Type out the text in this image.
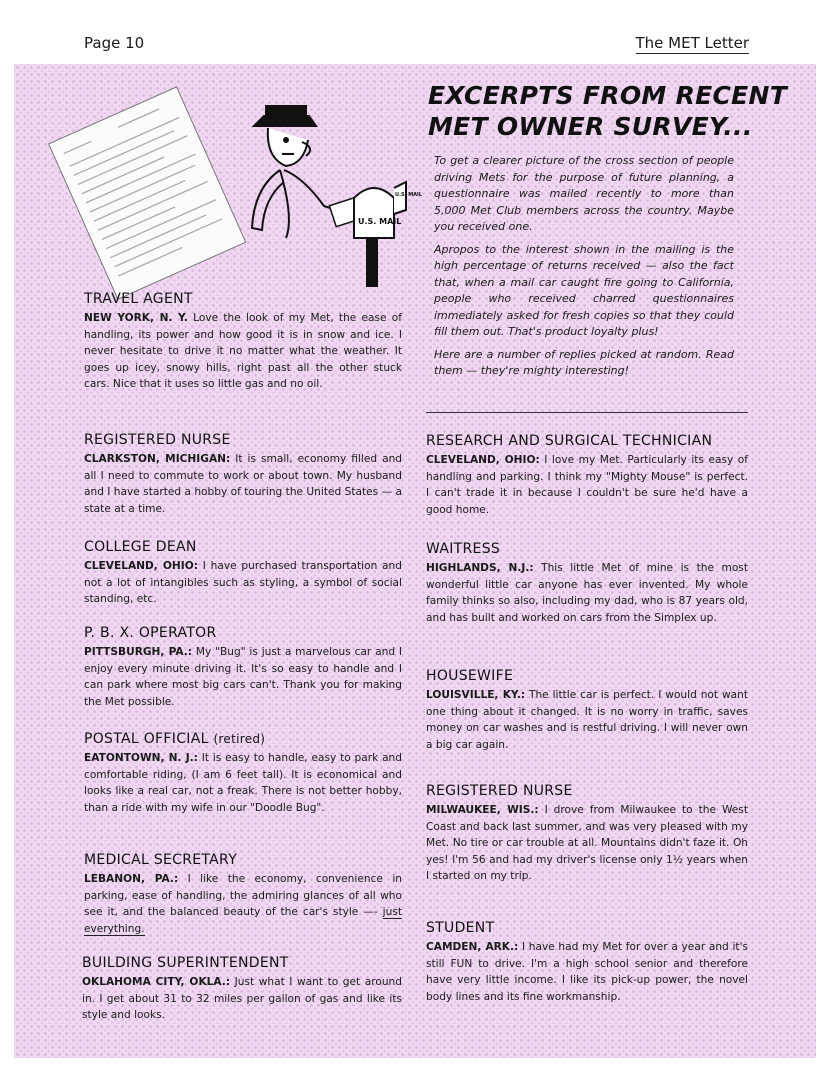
Page 10	The MET Letter
U.S. MAIL
U.S. MAIL
EXCERPTS FROM RECENT
MET OWNER SURVEY...

To get a clearer picture of the cross section of people driving Mets for the purpose of future planning, a questionnaire was mailed recently to more than 5,000 Met Club members across the country. Maybe you received one.

Apropos to the interest shown in the mailing is the high percentage of returns received — also the fact that, when a mail car caught fire going to California, people who received charred questionnaires immediately asked for fresh copies so that they could fill them out. That's product loyalty plus!

Here are a number of replies picked at random. Read them — they're mighty interesting!

TRAVEL AGENT

NEW YORK, N. Y. Love the look of my Met, the ease of handling, its power and how good it is in snow and ice. I never hesitate to drive it no matter what the weather. It goes up icey, snowy hills, right past all the other stuck cars. Nice that it uses so little gas and no oil.

REGISTERED NURSE

CLARKSTON, MICHIGAN: It is small, economy filled and all I need to commute to work or about town. My husband and I have started a hobby of touring the United States — a state at a time.

COLLEGE DEAN

CLEVELAND, OHIO: I have purchased transportation and not a lot of intangibles such as styling, a symbol of social standing, etc.

P. B. X. OPERATOR

PITTSBURGH, PA.: My "Bug" is just a marvelous car and I enjoy every minute driving it. It's so easy to handle and I can park where most big cars can't. Thank you for making the Met possible.

POSTAL OFFICIAL (retired)

EATONTOWN, N. J.: It is easy to handle, easy to park and comfortable riding, (I am 6 feet tall). It is economical and looks like a real car, not a freak. There is not better hobby, than a ride with my wife in our "Doodle Bug".

MEDICAL SECRETARY

LEBANON, PA.: I like the economy, convenience in parking, ease of handling, the admiring glances of all who see it, and the balanced beauty of the car's style —- just everything.

BUILDING SUPERINTENDENT

OKLAHOMA CITY, OKLA.: Just what I want to get around in. I get about 31 to 32 miles per gallon of gas and like its style and looks.

RESEARCH AND SURGICAL TECHNICIAN

CLEVELAND, OHIO: I love my Met. Particularly its easy of handling and parking. I think my "Mighty Mouse" is perfect. I can't trade it in because I couldn't be sure he'd have a good home.

WAITRESS

HIGHLANDS, N.J.: This little Met of mine is the most wonderful little car anyone has ever invented. My whole family thinks so also, including my dad, who is 87 years old, and has built and worked on cars from the Simplex up.

HOUSEWIFE

LOUISVILLE, KY.: The little car is perfect. I would not want one thing about it changed. It is no worry in traffic, saves money on car washes and is restful driving. I will never own a big car again.

REGISTERED NURSE

MILWAUKEE, WIS.: I drove from Milwaukee to the West Coast and back last summer, and was very pleased with my Met. No tire or car trouble at all. Mountains didn't faze it. Oh yes! I'm 56 and had my driver's license only 1½ years when I started on my trip.

STUDENT

CAMDEN, ARK.: I have had my Met for over a year and it's still FUN to drive. I'm a high school senior and therefore have very little income. I like its pick-up power, the novel body lines and its fine workmanship.
